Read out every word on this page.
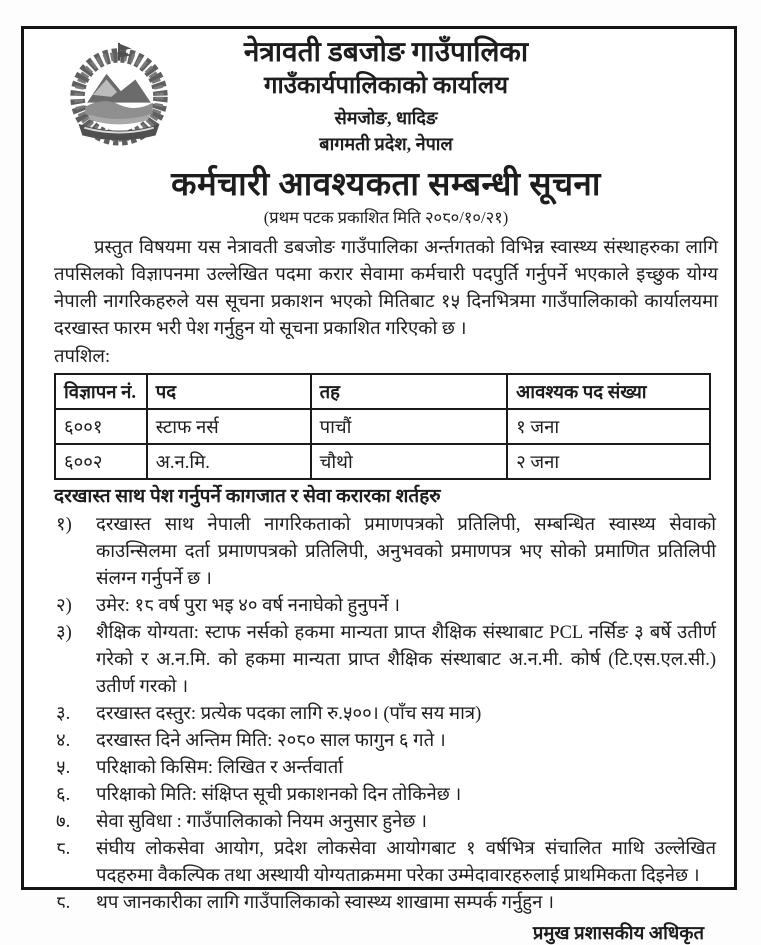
नेत्रावती डबजोङ गाउँपालिका
गाउँकार्यपालिकाको कार्यालय
सेमजोङ, धादिङ
बागमती प्रदेश, नेपाल
कर्मचारी आवश्यकता सम्बन्धी सूचना
(प्रथम पटक प्रकाशित मिति २०८०/१०/२१)
प्रस्तुत विषयमा यस नेत्रावती डबजोङ गाउँपालिका अर्न्तगतको विभिन्न स्वास्थ्य संस्थाहरुका लागि तपसिलको विज्ञापनमा उल्लेखित पदमा करार सेवामा कर्मचारी पदपुर्ति गर्नुपर्ने भएकाले इच्छुक योग्य नेपाली नागरिकहरुले यस सूचना प्रकाशन भएको मितिबाट १५ दिनभित्रमा गाउँपालिकाको कार्यालयमा दरखास्त फारम भरी पेश गर्नुहुन यो सूचना प्रकाशित गरिएको छ ।
तपशिल:
विज्ञापन नं.	पद	तह	आवश्यक पद संख्या
६००१	स्टाफ नर्स	पाचौं	१ जना
६००२	अ.न.मि.	चौथो	२ जना
दरखास्त साथ पेश गर्नुपर्ने कागजात र सेवा करारका शर्तहरु
१)	दरखास्त साथ नेपाली नागरिकताको प्रमाणपत्रको प्रतिलिपी, सम्बन्धित स्वास्थ्य सेवाको काउन्सिलमा दर्ता प्रमाणपत्रको प्रतिलिपी, अनुभवको प्रमाणपत्र भए सोको प्रमाणित प्रतिलिपी संलग्न गर्नुपर्ने छ ।
२)	उमेर: १८ वर्ष पुरा भइ ४० वर्ष ननाघेको हुनुपर्ने ।
३)	शैक्षिक योग्यता: स्टाफ नर्सको हकमा मान्यता प्राप्त शैक्षिक संस्थाबाट PCL नर्सिङ ३ बर्षे उतीर्ण गरेको र अ.न.मि. को हकमा मान्यता प्राप्त शैक्षिक संस्थाबाट अ.न.मी. कोर्ष (टि.एस.एल.सी.) उतीर्ण गरको ।
३.	दरखास्त दस्तुर: प्रत्येक पदका लागि रु.५००। (पाँच सय मात्र)
४.	दरखास्त दिने अन्तिम मिति: २०८० साल फागुन ६ गते ।
५.	परिक्षाको किसिम: लिखित र अर्न्तवार्ता
६.	परिक्षाको मिति: संक्षिप्त सूची प्रकाशनको दिन तोकिनेछ ।
७.	सेवा सुविधा : गाउँपालिकाको नियम अनुसार हुनेछ ।
८.	संघीय लोकसेवा आयोग, प्रदेश लोकसेवा आयोगबाट १ वर्षभित्र संचालित माथि उल्लेखित पदहरुमा वैकल्पिक तथा अस्थायी योग्यताक्रममा परेका उम्मेदावारहरुलाई प्राथमिकता दिइनेछ ।
८.	थप जानकारीका लागि गाउँपालिकाको स्वास्थ्य शाखामा सम्पर्क गर्नुहुन ।
प्रमुख प्रशासकीय अधिकृत
